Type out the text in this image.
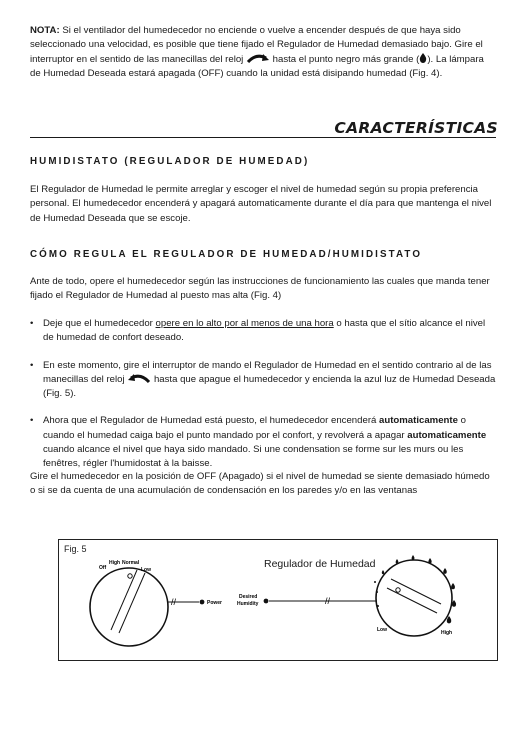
NOTA: Si el ventilador del humedecedor no enciende o vuelve a encender después de que haya sido seleccionado una velocidad, es posible que tiene fijado el Regulador de Humedad demasiado bajo. Gire el interruptor en el sentido de las manecillas del reloj	hasta el punto negro más grande ( ). La lámpara de Humedad Deseada estará apagada (OFF) cuando la unidad está disipando humedad (Fig. 4).

CARACTERÍSTICAS
HUMIDISTATO (REGULADOR DE HUMEDAD)

El Regulador de Humedad le permite arreglar y escoger el nivel de humedad según su propia preferencia personal. El humedecedor encenderá y apagará automaticamente durante el día para que mantenga el nivel de Humedad Deseada que se escoje.

CÓMO REGULA EL REGULADOR DE HUMEDAD/HUMIDISTATO

Ante de todo, opere el humedecedor según las instrucciones de funcionamiento las cuales que manda tener fijado el Regulador de Humedad al puesto mas alta (Fig. 4)

• Deje que el humedecedor opere en lo alto por al menos de una hora o hasta que el sítio alcance el nivel de humedad de confort deseado.
• En este momento, gire el interruptor de mando el Regulador de Humedad en el sentido contrario al de las manecillas del reloj	hasta que apague el humedecedor y encienda la azul luz de Humedad Deseada (Fig. 5).
• Ahora que el Regulador de Humedad está puesto, el humedecedor encenderá automaticamente o cuando el humedad caiga bajo el punto mandado por el confort, y revolverá a apagar automaticamente cuando alcance el nivel que haya sido mandado. Si une condensation se forme sur les murs ou les fenêtres, régler l'humidostat à la baisse.

Gire el humedecedor en la posición de OFF (Apagado) si el nivel de humedad se siente demasiado húmedo o si se da cuenta de una acumulación de condensación en los paredes y/o en las ventanas

Fig. 5
Regulador de Humedad
//
Off
High Normal
Low
Power
Desired
Humidity	//
Low	High
